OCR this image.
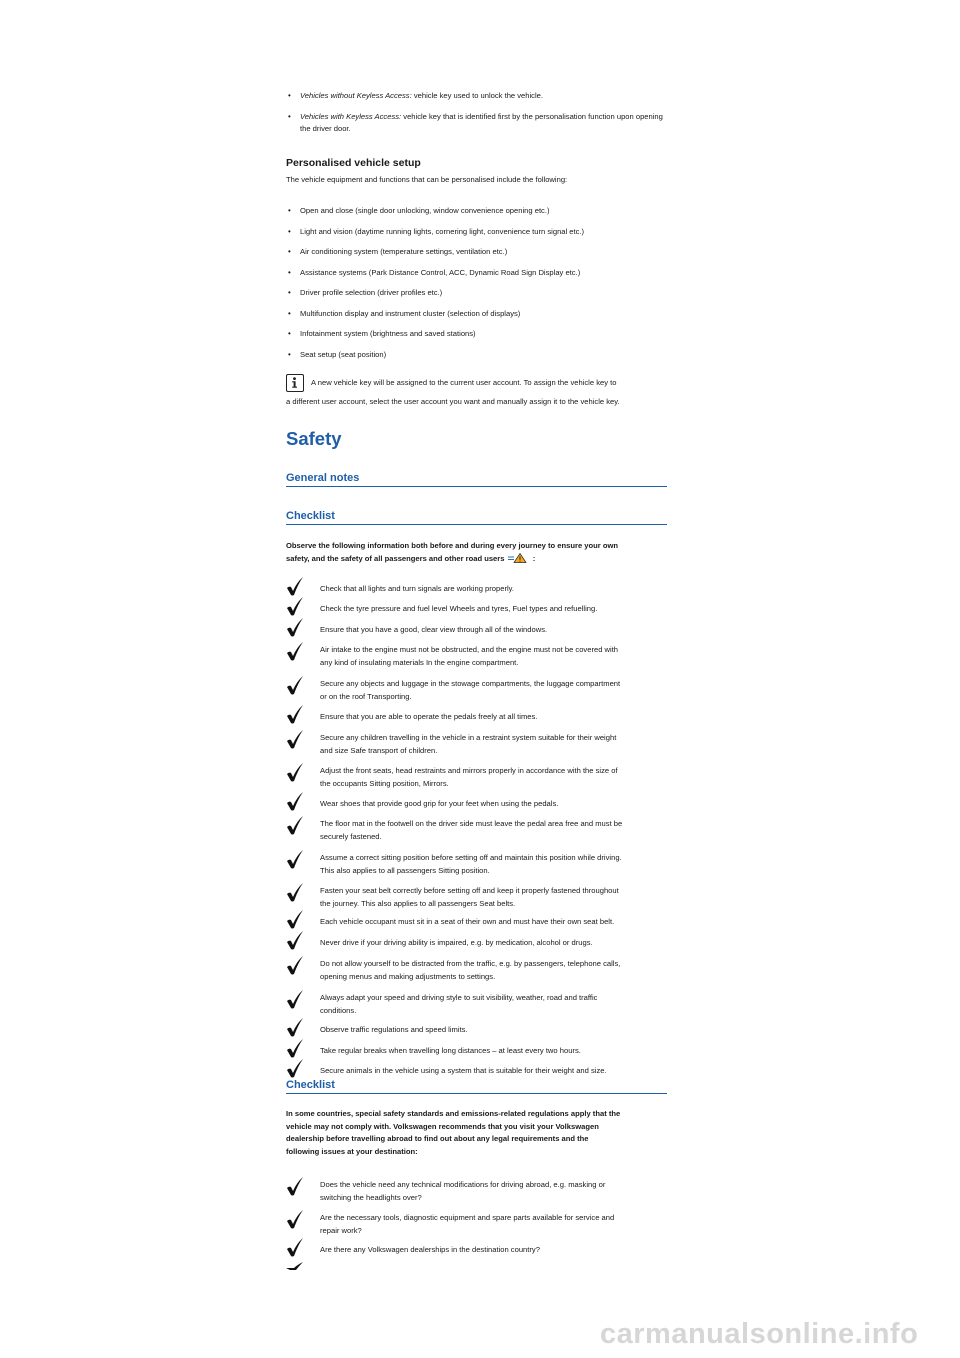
• Vehicles without Keyless Access: vehicle key used to unlock the vehicle.
• Vehicles with Keyless Access: vehicle key that is identified first by the personalisation function upon opening the driver door.
Personalised vehicle setup
The vehicle equipment and functions that can be personalised include the following:
• Open and close (single door unlocking, window convenience opening etc.)
• Light and vision (daytime running lights, cornering light, convenience turn signal etc.)
• Air conditioning system (temperature settings, ventilation etc.)
• Assistance systems (Park Distance Control, ACC, Dynamic Road Sign Display etc.)
• Driver profile selection (driver profiles etc.)
• Multifunction display and instrument cluster (selection of displays)
• Infotainment system (brightness and saved stations)
• Seat setup (seat position)
A new vehicle key will be assigned to the current user account. To assign the vehicle key to
a different user account, select the user account you want and manually assign it to the vehicle key.
Safety
General notes
Checklist
Observe the following information both before and during every journey to ensure your own
safety, and the safety of all passengers and other road users	:
Check that all lights and turn signals are working properly.
Check the tyre pressure and fuel level Wheels and tyres, Fuel types and refuelling.
Ensure that you have a good, clear view through all of the windows.
Air intake to the engine must not be obstructed, and the engine must not be covered with
any kind of insulating materials In the engine compartment.
Secure any objects and luggage in the stowage compartments, the luggage compartment
or on the roof Transporting.
Ensure that you are able to operate the pedals freely at all times.
Secure any children travelling in the vehicle in a restraint system suitable for their weight
and size Safe transport of children.
Adjust the front seats, head restraints and mirrors properly in accordance with the size of
the occupants Sitting position, Mirrors.
Wear shoes that provide good grip for your feet when using the pedals.
The floor mat in the footwell on the driver side must leave the pedal area free and must be
securely fastened.
Assume a correct sitting position before setting off and maintain this position while driving.
This also applies to all passengers Sitting position.
Fasten your seat belt correctly before setting off and keep it properly fastened throughout
the journey. This also applies to all passengers Seat belts.
Each vehicle occupant must sit in a seat of their own and must have their own seat belt.
Never drive if your driving ability is impaired, e.g. by medication, alcohol or drugs.
Do not allow yourself to be distracted from the traffic, e.g. by passengers, telephone calls,
opening menus and making adjustments to settings.
Always adapt your speed and driving style to suit visibility, weather, road and traffic
conditions.
Observe traffic regulations and speed limits.
Take regular breaks when travelling long distances – at least every two hours.
Secure animals in the vehicle using a system that is suitable for their weight and size.
Checklist
In some countries, special safety standards and emissions-related regulations apply that the
vehicle may not comply with. Volkswagen recommends that you visit your Volkswagen
dealership before travelling abroad to find out about any legal requirements and the
following issues at your destination:
Does the vehicle need any technical modifications for driving abroad, e.g. masking or
switching the headlights over?
Are the necessary tools, diagnostic equipment and spare parts available for service and
repair work?
Are there any Volkswagen dealerships in the destination country?
carmanualsonline.info
